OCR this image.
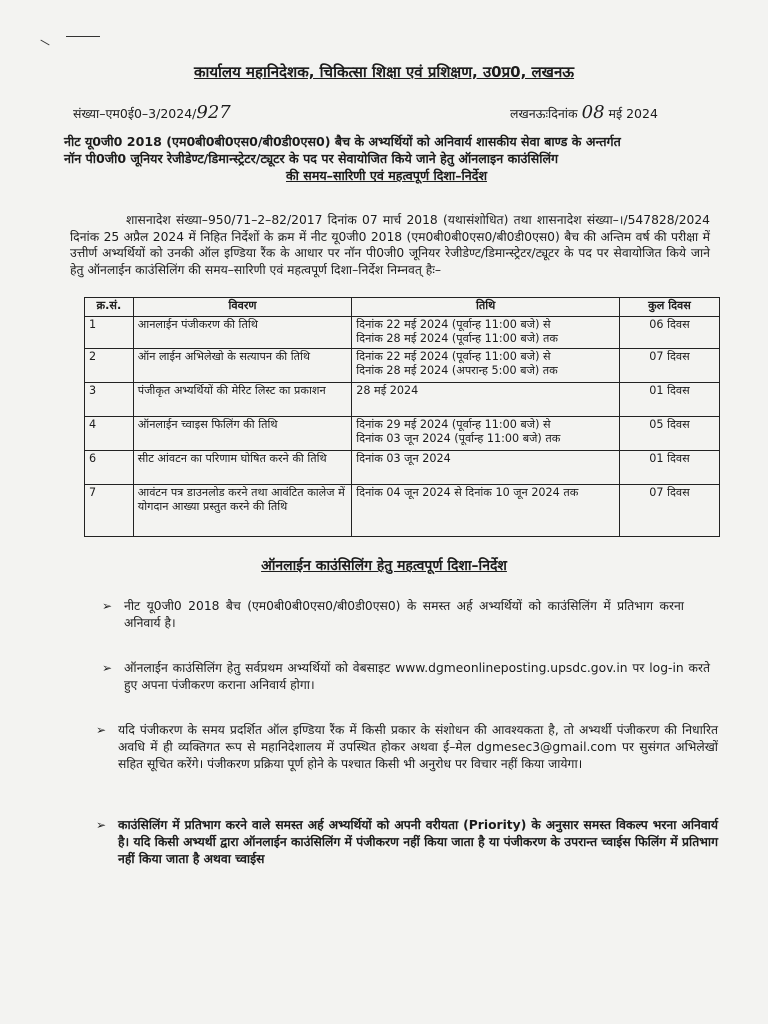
कार्यालय महानिदेशक, चिकित्सा शिक्षा एवं प्रशिक्षण, उ0प्र0, लखनऊ
संख्या–एम0ई0–3/2024/927	लखनऊःदिनांक 08 मई 2024
नीट यू0जी0 2018 (एम0बी0बी0एस0/बी0डी0एस0) बैच के अभ्यर्थियों को अनिवार्य शासकीय सेवा बाण्ड के अन्तर्गत
नॉन पी0जी0 जूनियर रेजीडेण्ट/डिमान्स्ट्रेटर/ट्यूटर के पद पर सेवायोजित किये जाने हेतु ऑनलाइन काउंसिलिंग
की समय–सारिणी एवं महत्वपूर्ण दिशा–निर्देश
शासनादेश संख्या–950/71–2–82/2017 दिनांक 07 मार्च 2018 (यथासंशोधित) तथा शासनादेश संख्या–।/547828/2024 दिनांक 25 अप्रैल 2024 में निहित निर्देशों के क्रम में नीट यू0जी0 2018 (एम0बी0बी0एस0/बी0डी0एस0) बैच की अन्तिम वर्ष की परीक्षा में उत्तीर्ण अभ्यर्थियों को उनकी ऑल इण्डिया रैंक के आधार पर नॉन पी0जी0 जूनियर रेजीडेण्ट/डिमान्स्ट्रेटर/ट्यूटर के पद पर सेवायोजित किये जाने हेतु ऑनलाईन काउंसिलिंग की समय–सारिणी एवं महत्वपूर्ण दिशा–निर्देश निम्नवत् हैः–
क्र.सं.	विवरण	तिथि	कुल दिवस
1	आनलाईन पंजीकरण की तिथि	दिनांक 22 मई 2024 (पूर्वान्ह 11:00 बजे) से
दिनांक 28 मई 2024 (पूर्वान्ह 11:00 बजे) तक	06 दिवस
2	ऑन लाईन अभिलेखो के सत्यापन की तिथि	दिनांक 22 मई 2024 (पूर्वान्ह 11:00 बजे) से
दिनांक 28 मई 2024 (अपरान्ह 5:00 बजे) तक	07 दिवस
3	पंजीकृत अभ्यर्थियों की मेरिट लिस्ट का प्रकाशन	28 मई 2024	01 दिवस
4	ऑनलाईन च्वाइस फिलिंग की तिथि	दिनांक 29 मई 2024 (पूर्वान्ह 11:00 बजे) से
दिनांक 03 जून 2024 (पूर्वान्ह 11:00 बजे) तक	05 दिवस
6	सीट आंवटन का परिणाम घोषित करने की तिथि	दिनांक 03 जून 2024	01 दिवस
7	आवंटन पत्र डाउनलोड करने तथा आवंटित कालेज में योगदान आख्या प्रस्तुत करने की तिथि	दिनांक 04 जून 2024 से दिनांक 10 जून 2024 तक	07 दिवस
ऑनलाईन काउंसिलिंग हेतु महत्वपूर्ण दिशा–निर्देश
➢ नीट यू0जी0 2018 बैच (एम0बी0बी0एस0/बी0डी0एस0) के समस्त अर्ह अभ्यर्थियों को काउंसिलिंग में प्रतिभाग करना अनिवार्य है।
➢ ऑनलाईन काउंसिलिंग हेतु सर्वप्रथम अभ्यर्थियों को वेबसाइट www.dgmeonlineposting.upsdc.gov.in पर log-in करते हुए अपना पंजीकरण कराना अनिवार्य होगा।
➢ यदि पंजीकरण के समय प्रदर्शित ऑल इण्डिया रैंक में किसी प्रकार के संशोधन की आवश्यकता है, तो अभ्यर्थी पंजीकरण की निधारित अवधि में ही व्यक्तिगत रूप से महानिदेशालय में उपस्थित होकर अथवा ई–मेल dgmesec3@gmail.com पर सुसंगत अभिलेखों सहित सूचित करेंगे। पंजीकरण प्रक्रिया पूर्ण होने के पश्चात किसी भी अनुरोध पर विचार नहीं किया जायेगा।
➢ काउंसिलिंग में प्रतिभाग करने वाले समस्त अर्ह अभ्यर्थियों को अपनी वरीयता (Priority) के अनुसार समस्त विकल्प भरना अनिवार्य है। यदि किसी अभ्यर्थी द्वारा ऑनलाईन काउंसिलिंग में पंजीकरण नहीं किया जाता है या पंजीकरण के उपरान्त च्वाईस फिलिंग में प्रतिभाग नहीं किया जाता है अथवा च्वाईस
